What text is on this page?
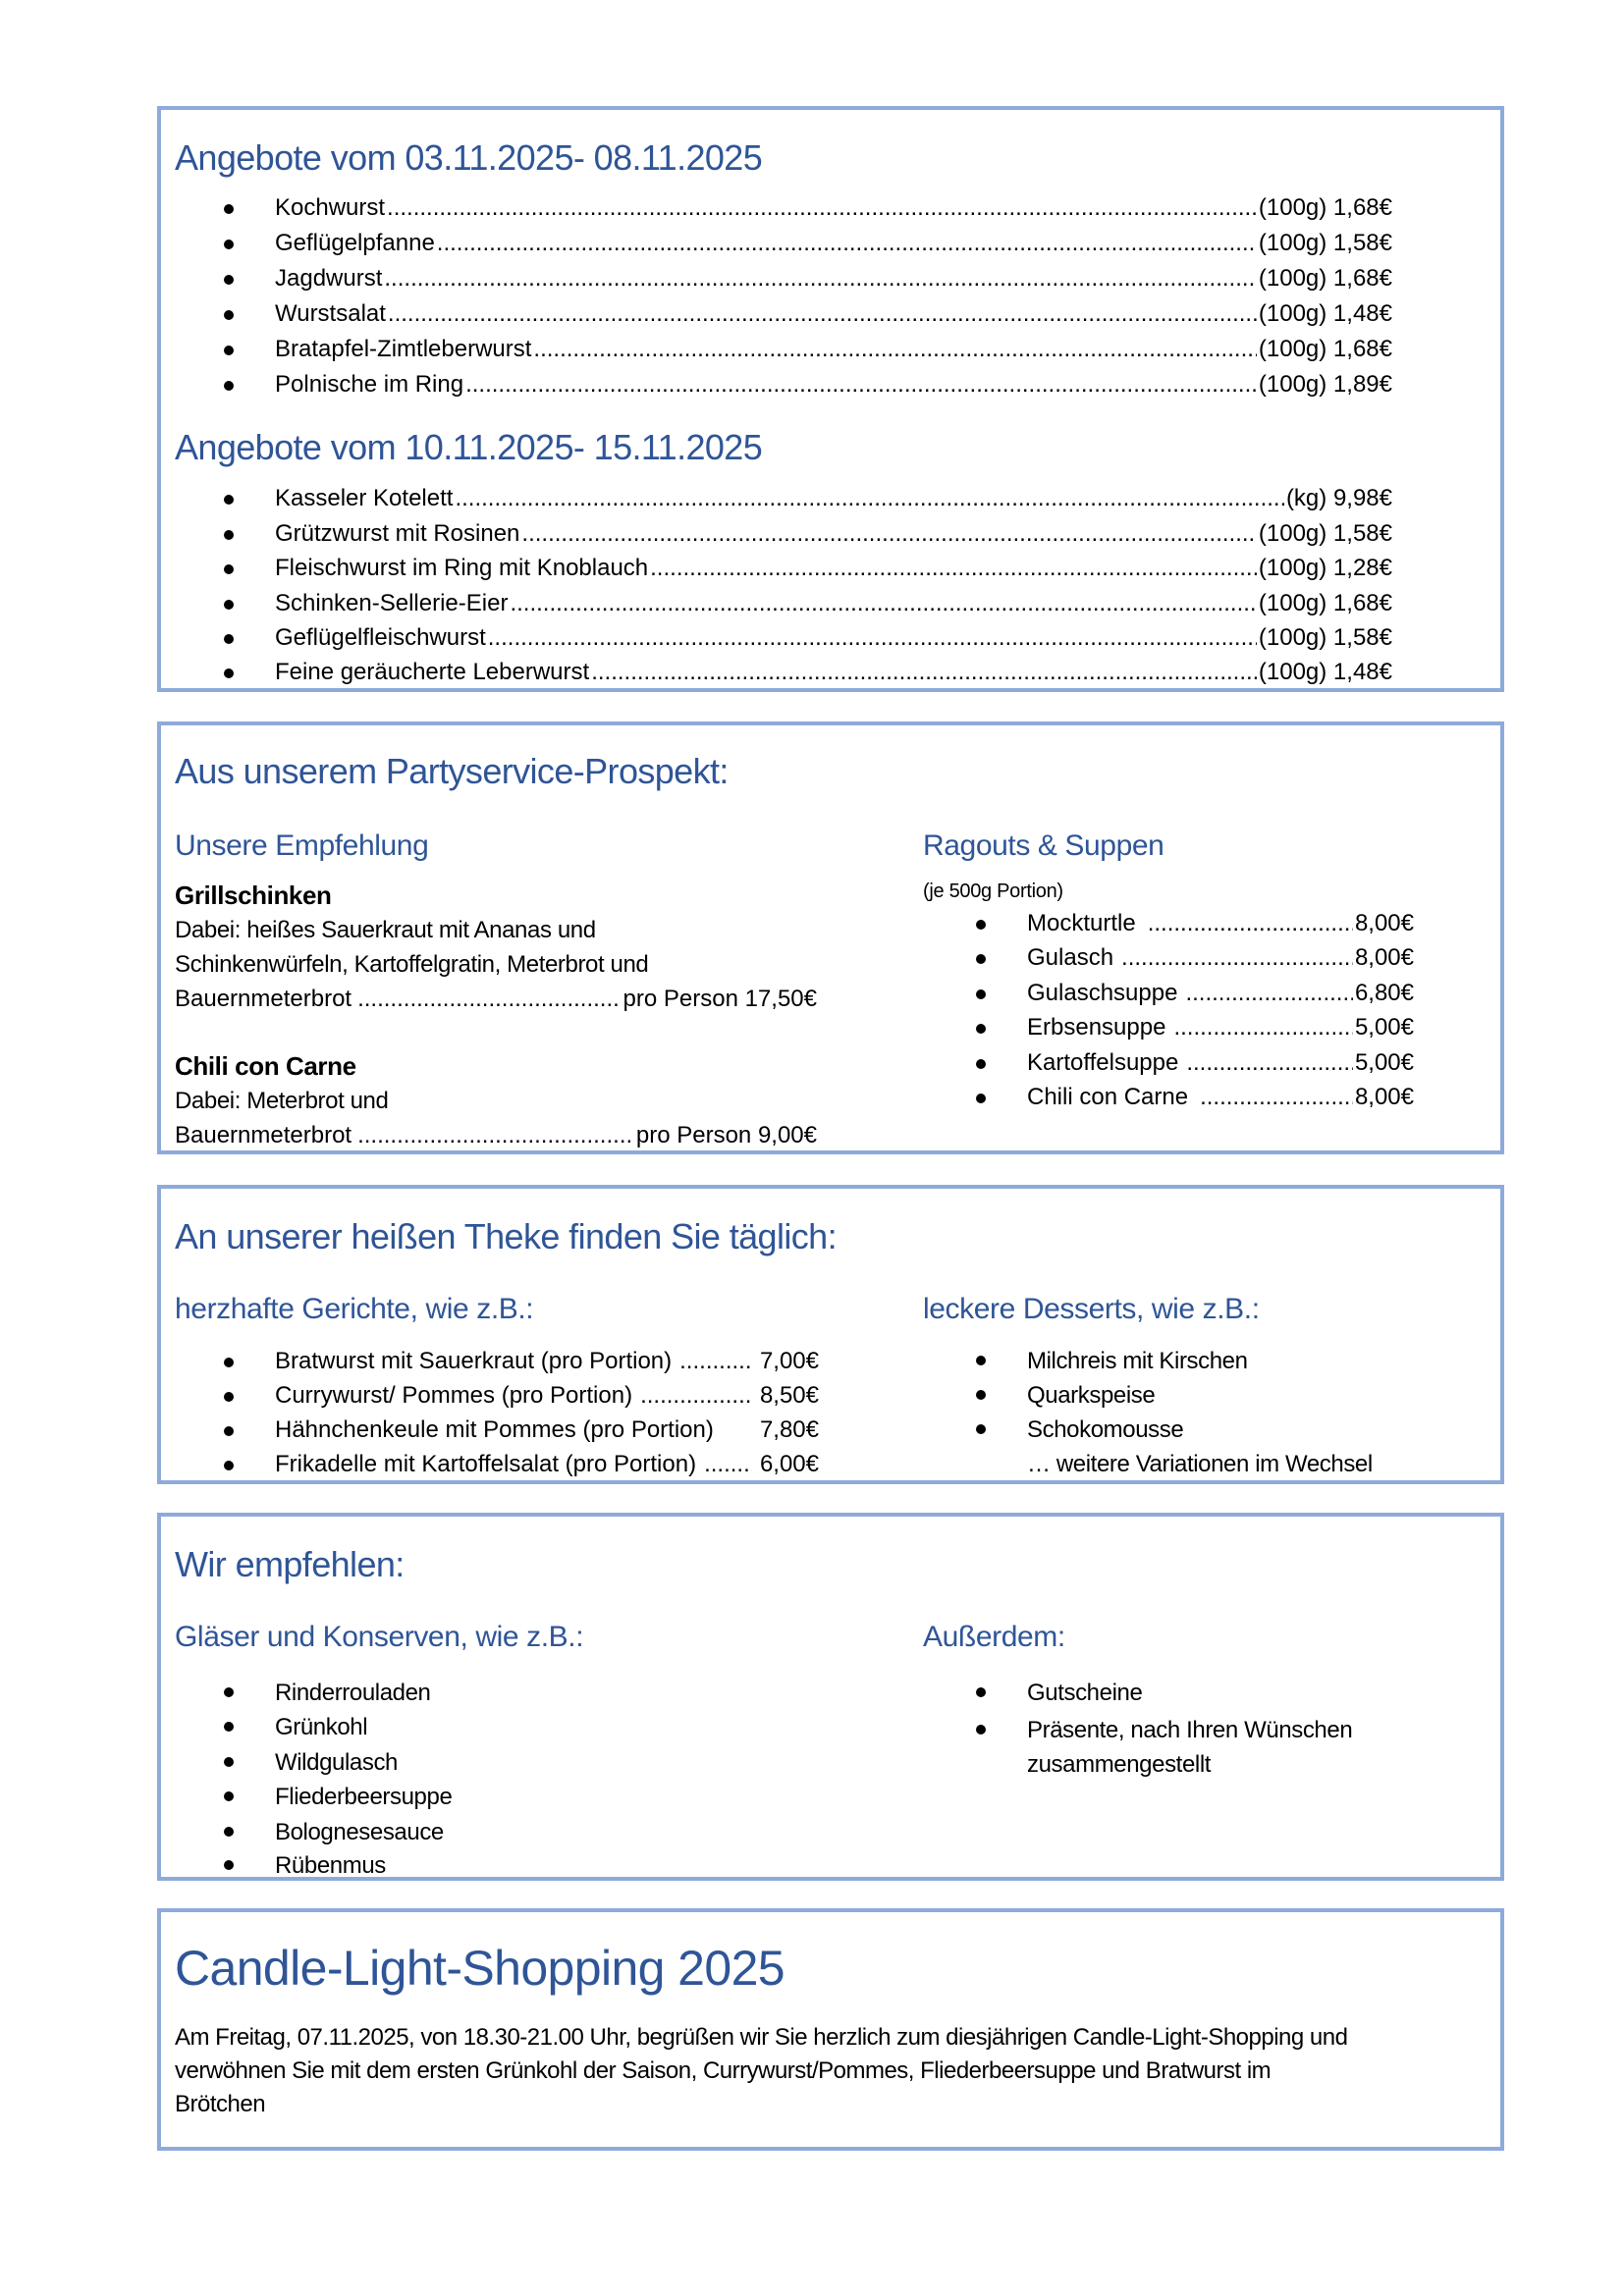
Angebote vom 03.11.2025- 08.11.2025
Kochwurst .....	(100g) 1,68€
Geflügelpfanne .....	(100g) 1,58€
Jagdwurst .....	(100g) 1,68€
Wurstsalat .....	(100g) 1,48€
Bratapfel-Zimtleberwurst .....	(100g) 1,68€
Polnische im Ring .....	(100g) 1,89€
Angebote vom 10.11.2025- 15.11.2025
Kasseler Kotelett .....	(kg) 9,98€
Grützwurst mit Rosinen .....	(100g) 1,58€
Fleischwurst im Ring mit Knoblauch .....	(100g) 1,28€
Schinken-Sellerie-Eier .....	(100g) 1,68€
Geflügelfleischwurst .....	(100g) 1,58€
Feine geräucherte Leberwurst .....	(100g) 1,48€
Aus unserem Partyservice-Prospekt:
Unsere Empfehlung
Grillschinken
Dabei: heißes Sauerkraut mit Ananas und
Schinkenwürfeln, Kartoffelgratin, Meterbrot und
Bauernmeterbrot .....	pro Person 17,50€
Chili con Carne
Dabei: Meterbrot und
Bauernmeterbrot .....	pro Person 9,00€
Ragouts & Suppen
(je 500g Portion)
Mockturtle .....	8,00€
Gulasch .....	8,00€
Gulaschsuppe .....	6,80€
Erbsensuppe .....	5,00€
Kartoffelsuppe .....	5,00€
Chili con Carne .....	8,00€
An unserer heißen Theke finden Sie täglich:
herzhafte Gerichte, wie z.B.:
Bratwurst mit Sauerkraut (pro Portion) .....	7,00€
Currywurst/ Pommes (pro Portion) .....	8,50€
Hähnchenkeule mit Pommes (pro Portion) 7,80€
Frikadelle mit Kartoffelsalat (pro Portion) .....	6,00€
leckere Desserts, wie z.B.:
Milchreis mit Kirschen
Quarkspeise
Schokomousse
… weitere Variationen im Wechsel
Wir empfehlen:
Gläser und Konserven, wie z.B.:
Rinderrouladen
Grünkohl
Wildgulasch
Fliederbeersuppe
Bolognesesauce
Rübenmus
Außerdem:
Gutscheine
Präsente, nach Ihren Wünschen
zusammengestellt
Candle-Light-Shopping 2025
Am Freitag, 07.11.2025, von 18.30-21.00 Uhr, begrüßen wir Sie herzlich zum diesjährigen Candle-Light-Shopping und
verwöhnen Sie mit dem ersten Grünkohl der Saison, Currywurst/Pommes, Fliederbeersuppe und Bratwurst im
Brötchen
